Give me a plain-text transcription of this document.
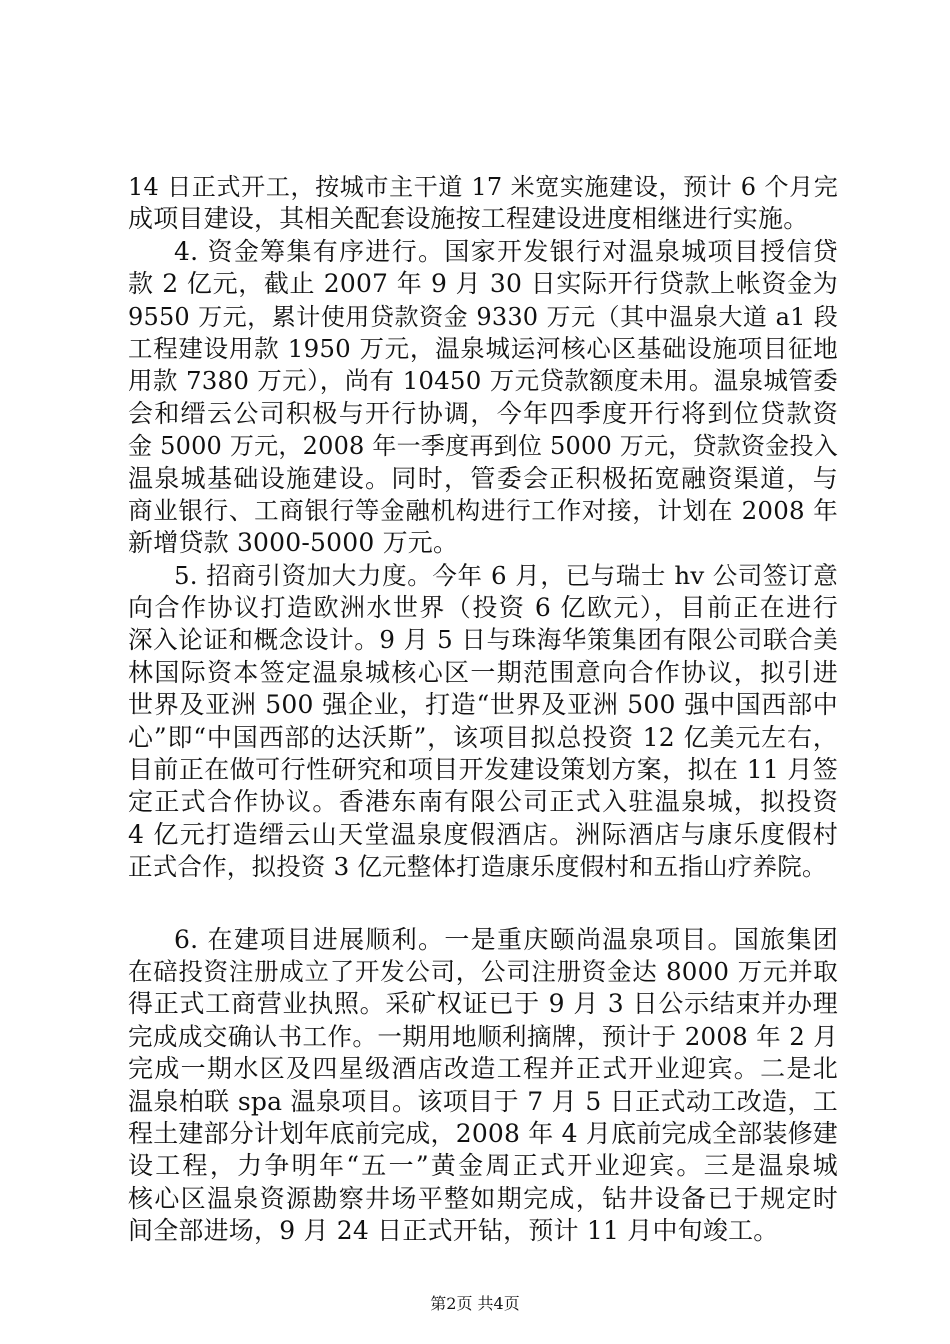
14 日正式开工，按城市主干道 17 米宽实施建设，预计 6 个月完
成项目建设，其相关配套设施按工程建设进度相继进行实施。
4. 资金筹集有序进行。国家开发银行对温泉城项目授信贷
款 2 亿元，截止 2007 年 9 月 30 日实际开行贷款上帐资金为
9550 万元，累计使用贷款资金 9330 万元（其中温泉大道 a1 段
工程建设用款 1950 万元，温泉城运河核心区基础设施项目征地
用款 7380 万元），尚有 10450 万元贷款额度未用。温泉城管委
会和缙云公司积极与开行协调，今年四季度开行将到位贷款资
金 5000 万元，2008 年一季度再到位 5000 万元，贷款资金投入
温泉城基础设施建设。同时，管委会正积极拓宽融资渠道，与
商业银行、工商银行等金融机构进行工作对接，计划在 2008 年
新增贷款 3000-5000 万元。
5. 招商引资加大力度。今年 6 月，已与瑞士 hv 公司签订意
向合作协议打造欧洲水世界（投资 6 亿欧元），目前正在进行
深入论证和概念设计。9 月 5 日与珠海华策集团有限公司联合美
林国际资本签定温泉城核心区一期范围意向合作协议，拟引进
世界及亚洲 500 强企业，打造“世界及亚洲 500 强中国西部中
心”即“中国西部的达沃斯”，该项目拟总投资 12 亿美元左右，
目前正在做可行性研究和项目开发建设策划方案，拟在 11 月签
定正式合作协议。香港东南有限公司正式入驻温泉城，拟投资
4 亿元打造缙云山天堂温泉度假酒店。洲际酒店与康乐度假村
正式合作，拟投资 3 亿元整体打造康乐度假村和五指山疗养院。
6. 在建项目进展顺利。一是重庆颐尚温泉项目。国旅集团
在碚投资注册成立了开发公司，公司注册资金达 8000 万元并取
得正式工商营业执照。采矿权证已于 9 月 3 日公示结束并办理
完成成交确认书工作。一期用地顺利摘牌，预计于 2008 年 2 月
完成一期水区及四星级酒店改造工程并正式开业迎宾。二是北
温泉柏联 spa 温泉项目。该项目于 7 月 5 日正式动工改造，工
程土建部分计划年底前完成，2008 年 4 月底前完成全部装修建
设工程，力争明年“五一”黄金周正式开业迎宾。三是温泉城
核心区温泉资源勘察井场平整如期完成，钻井设备已于规定时
间全部进场，9 月 24 日正式开钻，预计 11 月中旬竣工。
第2页 共4页
